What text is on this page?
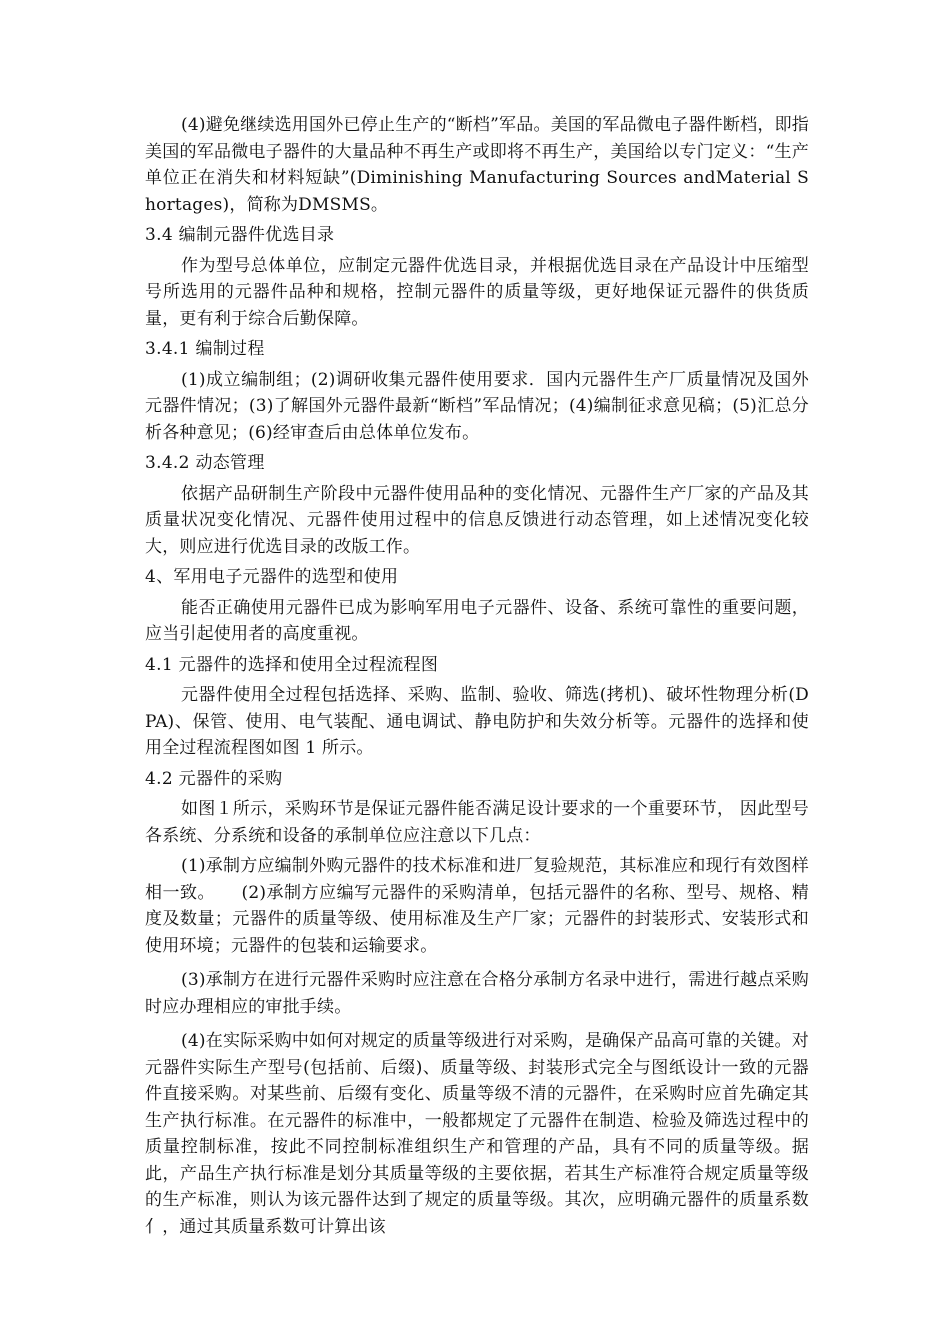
(4)避免继续选用国外已停止生产的“断档”军品。美国的军品微电子器件断档，即指美国的军品微电子器件的大量品种不再生产或即将不再生产，美国给以专门定义：“生产单位正在消失和材料短缺”(Diminishing Manufacturing Sources andMaterial Shortages)，简称为DMSMS。

3.4 编制元器件优选目录

作为型号总体单位，应制定元器件优选目录，并根据优选目录在产品设计中压缩型号所选用的元器件品种和规格，控制元器件的质量等级，更好地保证元器件的供货质量，更有利于综合后勤保障。

3.4.1 编制过程

(1)成立编制组；(2)调研收集元器件使用要求．国内元器件生产厂质量情况及国外元器件情况；(3)了解国外元器件最新“断档”军品情况；(4)编制征求意见稿；(5)汇总分析各种意见；(6)经审查后由总体单位发布。

3.4.2 动态管理

依据产品研制生产阶段中元器件使用品种的变化情况、元器件生产厂家的产品及其质量状况变化情况、元器件使用过程中的信息反馈进行动态管理，如上述情况变化较大，则应进行优选目录的改版工作。

4、军用电子元器件的选型和使用

能否正确使用元器件已成为影响军用电子元器件、设备、系统可靠性的重要问题，应当引起使用者的高度重视。

4.1 元器件的选择和使用全过程流程图

元器件使用全过程包括选择、采购、监制、验收、筛选(拷机)、破坏性物理分析(DPA)、保管、使用、电气装配、通电调试、静电防护和失效分析等。元器件的选择和使用全过程流程图如图 1 所示。

4.2 元器件的采购

如图１所示，采购环节是保证元器件能否满足设计要求的一个重要环节， 因此型号各系统、分系统和设备的承制单位应注意以下几点：

(1)承制方应编制外购元器件的技术标准和进厂复验规范，其标准应和现行有效图样相一致。　　(2)承制方应编写元器件的采购清单，包括元器件的名称、型号、规格、精度及数量；元器件的质量等级、使用标准及生产厂家；元器件的封装形式、安装形式和使用环境；元器件的包装和运输要求。

(3)承制方在进行元器件采购时应注意在合格分承制方名录中进行，需进行越点采购时应办理相应的审批手续。

(4)在实际采购中如何对规定的质量等级进行对采购，是确保产品高可靠的关键。对元器件实际生产型号(包括前、后缀)、质量等级、封装形式完全与图纸设计一致的元器件直接采购。对某些前、后缀有变化、质量等级不清的元器件，在采购时应首先确定其生产执行标准。在元器件的标准中，一般都规定了元器件在制造、检验及筛选过程中的质量控制标准，按此不同控制标准组织生产和管理的产品，具有不同的质量等级。据此，产品生产执行标准是划分其质量等级的主要依据，若其生产标准符合规定质量等级的生产标准，则认为该元器件达到了规定的质量等级。其次，应明确元器件的质量系数亻，通过其质量系数可计算出该
